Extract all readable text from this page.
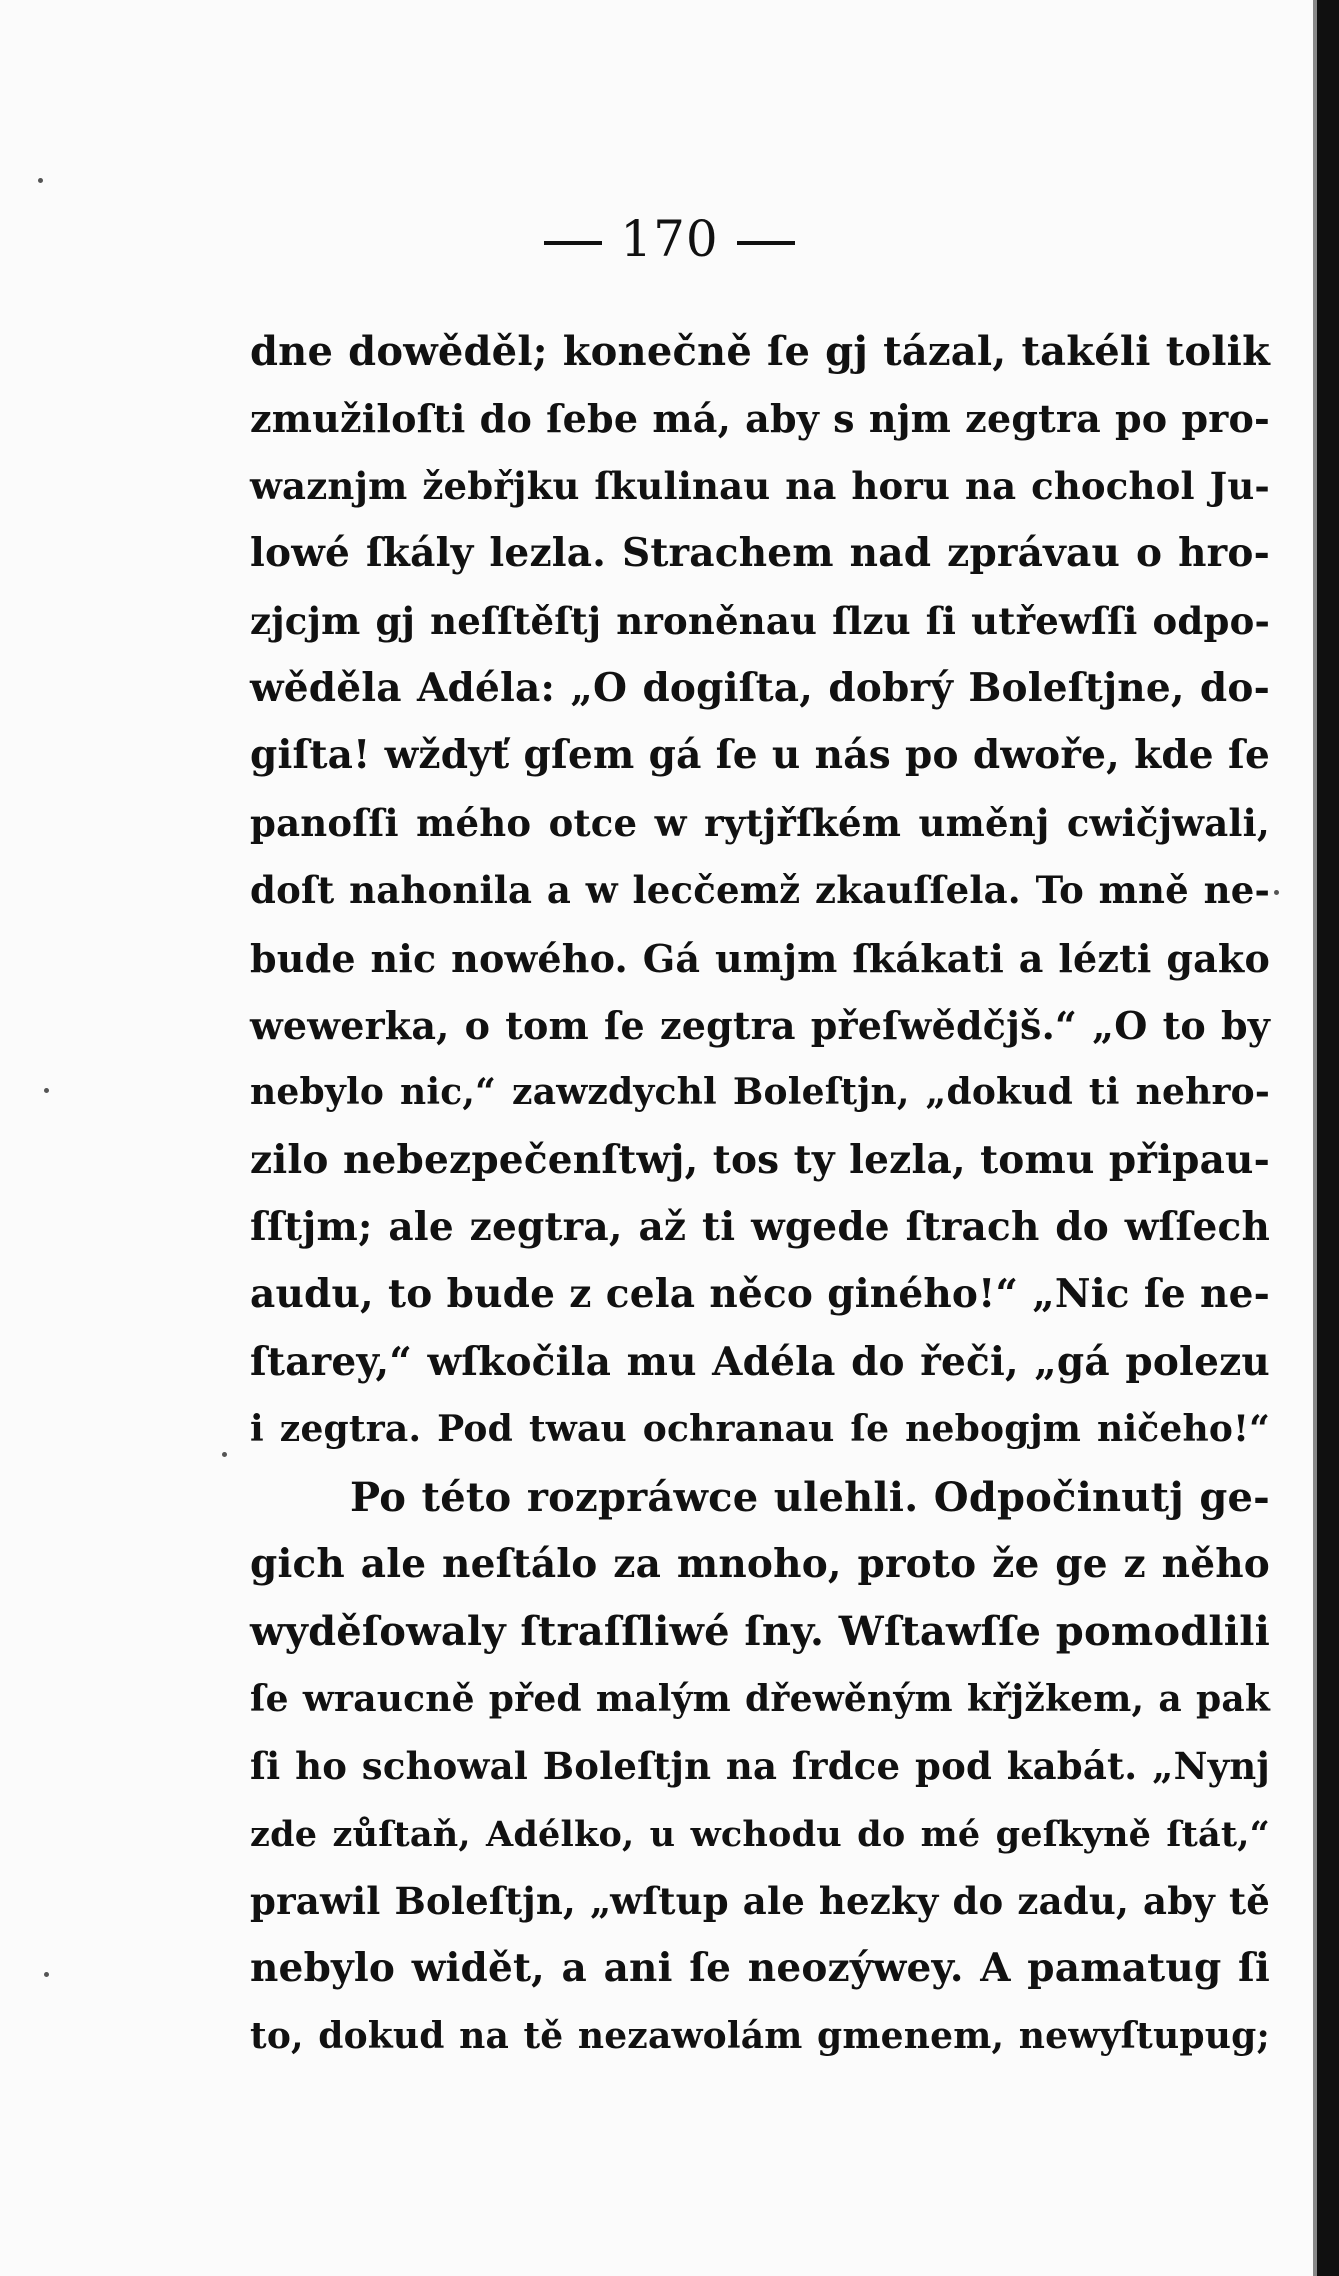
170
dne dowěděl; konečně ſe gj tázal, takéli tolik
zmužiloſti do ſebe má, aby s njm zegtra po pro-
waznjm žebřjku ſkulinau na horu na chochol Ju-
lowé ſkály lezla. Strachem nad zprávau o hro-
zjcjm gj neſſtěſtj nroněnau ſlzu ſi utřewſſi odpo-
wěděla Adéla: „O dogiſta, dobrý Boleſtjne, do-
giſta! wždyť gſem gá ſe u nás po dwoře, kde ſe
panoſſi mého otce w rytjřſkém uměnj cwičjwali,
doſt nahonila a w lecčemž zkauſſela. To mně ne-
bude nic nowého. Gá umjm ſkákati a lézti gako
wewerka, o tom ſe zegtra přeſwědčjš.“ „O to by
nebylo nic,“ zawzdychl Boleſtjn, „dokud ti nehro-
zilo nebezpečenſtwj, tos ty lezla, tomu připau-
ſſtjm; ale zegtra, až ti wgede ſtrach do wſſech
audu, to bude z cela něco giného!“ „Nic ſe ne-
ſtarey,“ wſkočila mu Adéla do řeči, „gá polezu
i zegtra. Pod twau ochranau ſe nebogjm ničeho!“
Po této rozpráwce ulehli. Odpočinutj ge-
gich ale neſtálo za mnoho, proto že ge z něho
wyděſowaly ſtraſſliwé ſny. Wſtawſſe pomodlili
ſe wraucně před malým dřewěným křjžkem, a pak
ſi ho schowal Boleſtjn na ſrdce pod kabát. „Nynj
zde zůſtaň, Adélko, u wchodu do mé geſkyně ſtát,“
prawil Boleſtjn, „wſtup ale hezky do zadu, aby tě
nebylo widět, a ani ſe neozýwey. A pamatug ſi
to, dokud na tě nezawolám gmenem, newyſtupug;
